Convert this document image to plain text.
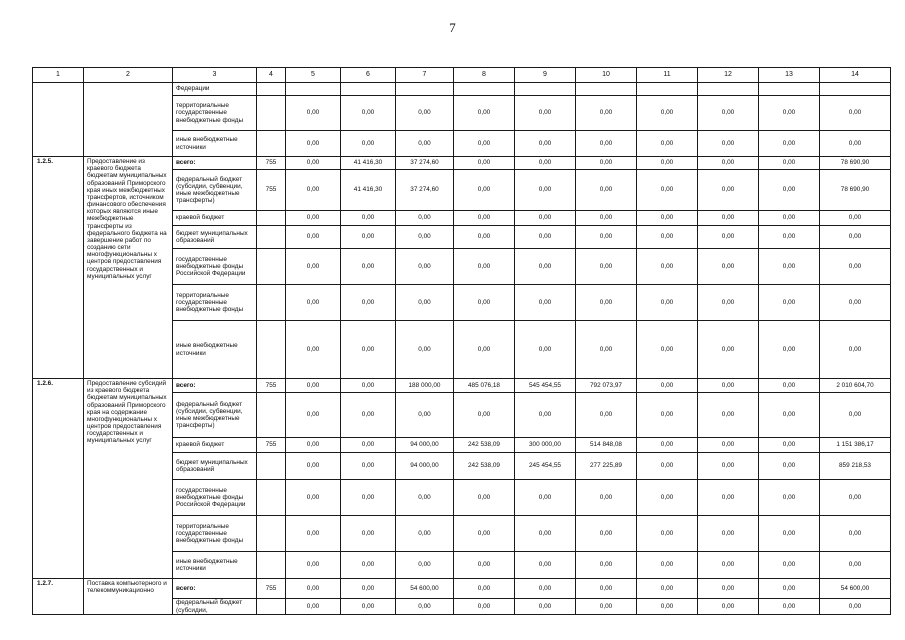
7
1	2	3	4	5	6	7	8	9	10	11	12	13	14
		Федерации											
		территориальные государственные внебюджетные фонды		0,00	0,00	0,00	0,00	0,00	0,00	0,00	0,00	0,00	0,00
		иные внебюджетные источники		0,00	0,00	0,00	0,00	0,00	0,00	0,00	0,00	0,00	0,00
1.2.5.	Предоставление из краевого бюджета бюджетам муниципальных образований Приморского края иных межбюджетных трансфертов, источником финансового обеспечения которых являются иные межбюджетные трансферты из федерального бюджета на завершение работ по созданию сети многофункциональны х центров предоставления государственных и муниципальных услуг	всего:	755	0,00	41 416,30	37 274,60	0,00	0,00	0,00	0,00	0,00	0,00	78 690,90
		федеральный бюджет (субсидии, субвенции, иные межбюджетные трансферты)	755	0,00	41 416,30	37 274,60	0,00	0,00	0,00	0,00	0,00	0,00	78 690,90
		краевой бюджет		0,00	0,00	0,00	0,00	0,00	0,00	0,00	0,00	0,00	0,00
		бюджет муниципальных образований		0,00	0,00	0,00	0,00	0,00	0,00	0,00	0,00	0,00	0,00
		государственные внебюджетные фонды Российской Федерации		0,00	0,00	0,00	0,00	0,00	0,00	0,00	0,00	0,00	0,00
		территориальные государственные внебюджетные фонды		0,00	0,00	0,00	0,00	0,00	0,00	0,00	0,00	0,00	0,00
		иные внебюджетные источники		0,00	0,00	0,00	0,00	0,00	0,00	0,00	0,00	0,00	0,00
1.2.6.	Предоставление субсидий из краевого бюджета бюджетам муниципальных образований Приморского края на содержание многофункциональны х центров предоставления государственных и муниципальных услуг	всего:	755	0,00	0,00	188 000,00	485 076,18	545 454,55	792 073,97	0,00	0,00	0,00	2 010 604,70
		федеральный бюджет (субсидии, субвенции, иные межбюджетные трансферты)		0,00	0,00	0,00	0,00	0,00	0,00	0,00	0,00	0,00	0,00
		краевой бюджет	755	0,00	0,00	94 000,00	242 538,09	300 000,00	514 848,08	0,00	0,00	0,00	1 151 386,17
		бюджет муниципальных образований		0,00	0,00	94 000,00	242 538,09	245 454,55	277 225,89	0,00	0,00	0,00	859 218,53
		государственные внебюджетные фонды Российской Федерации		0,00	0,00	0,00	0,00	0,00	0,00	0,00	0,00	0,00	0,00
		территориальные государственные внебюджетные фонды		0,00	0,00	0,00	0,00	0,00	0,00	0,00	0,00	0,00	0,00
		иные внебюджетные источники		0,00	0,00	0,00	0,00	0,00	0,00	0,00	0,00	0,00	0,00
1.2.7.	Поставка компьютерного и телекоммуникационно	всего:	755	0,00	0,00	54 600,00	0,00	0,00	0,00	0,00	0,00	0,00	54 600,00
		федеральный бюджет (субсидии,		0,00	0,00	0,00	0,00	0,00	0,00	0,00	0,00	0,00	0,00
